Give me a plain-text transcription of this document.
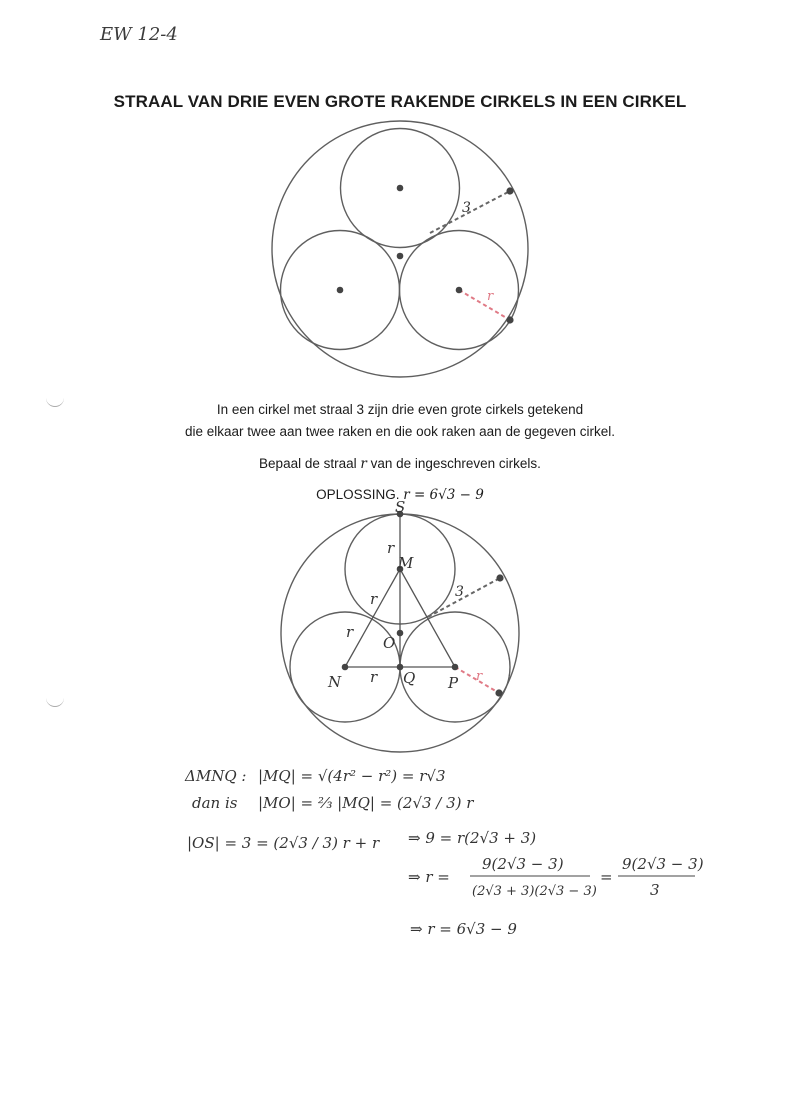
EW 12-4
STRAAL VAN DRIE EVEN GROTE RAKENDE CIRKELS IN EEN CIRKEL
3
r
S
M
O
N	Q P
r
r
r
r	r
3
ΔMNQ : |MQ| = √(4r² − r²) = r√3
dan is |MO| = ⅔ |MQ| = (2√3 / 3) r
|OS| = 3 = (2√3 / 3) r + r ⇒ 9 = r(2√3 + 3)
⇒ r =
9(2√3 − 3)
(2√3 + 3)(2√3 − 3)
=
9(2√3 − 3)
3
⇒ r = 6√3 − 9
In een cirkel met straal 3 zijn drie even grote cirkels getekend
die elkaar twee aan twee raken en die ook raken aan de gegeven cirkel.
Bepaal de straal r van de ingeschreven cirkels.
OPLOSSING. r = 6√3 − 9
